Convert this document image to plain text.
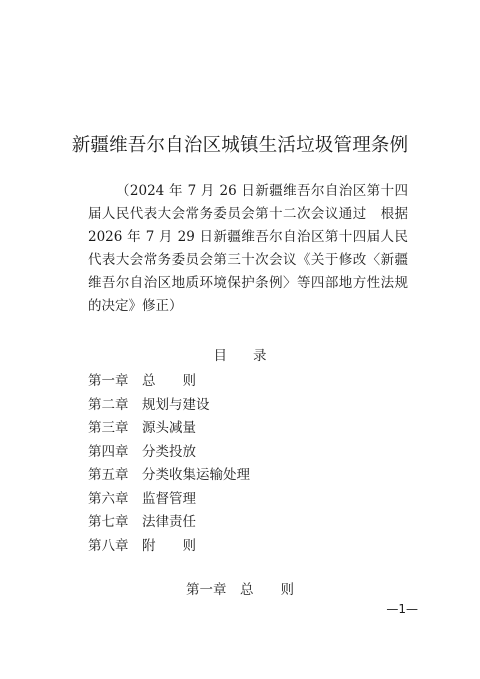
新疆维吾尔自治区城镇生活垃圾管理条例
（2024 年 7 月 26 日新疆维吾尔自治区第十四届人民代表大会常务委员会第十二次会议通过　根据 2026 年 7 月 29 日新疆维吾尔自治区第十四届人民代表大会常务委员会第三十次会议《关于修改〈新疆维吾尔自治区地质环境保护条例〉等四部地方性法规的决定》修正）
目录
第一章　总　　则
第二章　规划与建设
第三章　源头减量
第四章　分类投放
第五章　分类收集运输处理
第六章　监督管理
第七章　法律责任
第八章　附　　则
第一章　总　　则
—1—
